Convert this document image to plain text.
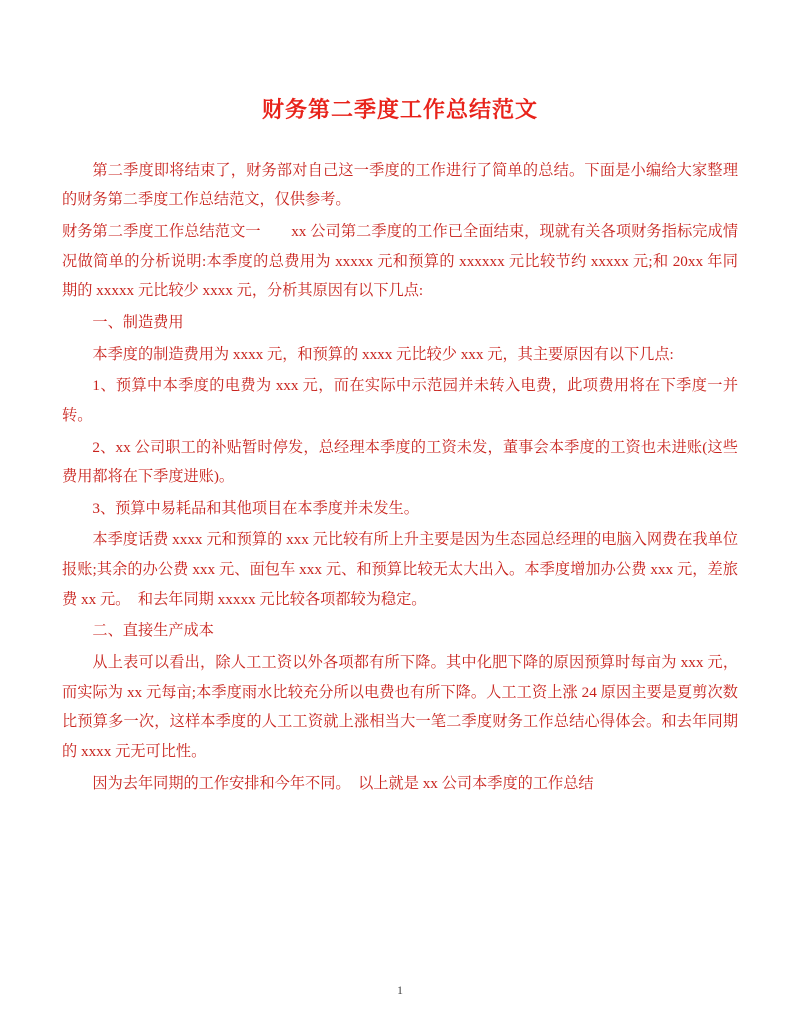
财务第二季度工作总结范文

第二季度即将结束了，财务部对自己这一季度的工作进行了简单的总结。下面是小编给大家整理的财务第二季度工作总结范文，仅供参考。

财务第二季度工作总结范文一　　xx 公司第二季度的工作已全面结束，现就有关各项财务指标完成情况做简单的分析说明:本季度的总费用为 xxxxx 元和预算的 xxxxxx 元比较节约 xxxxx 元;和 20xx 年同期的 xxxxx 元比较少 xxxx 元，分析其原因有以下几点:

一、制造费用

本季度的制造费用为 xxxx 元，和预算的 xxxx 元比较少 xxx 元，其主要原因有以下几点:

1、预算中本季度的电费为 xxx 元，而在实际中示范园并未转入电费，此项费用将在下季度一并转。

2、xx 公司职工的补贴暂时停发，总经理本季度的工资未发，董事会本季度的工资也未进账(这些费用都将在下季度进账)。

3、预算中易耗品和其他项目在本季度并未发生。

本季度话费 xxxx 元和预算的 xxx 元比较有所上升主要是因为生态园总经理的电脑入网费在我单位报账;其余的办公费 xxx 元、面包车 xxx 元、和预算比较无太大出入。本季度增加办公费 xxx 元，差旅费 xx 元。　和去年同期 xxxxx 元比较各项都较为稳定。

二、直接生产成本

从上表可以看出，除人工工资以外各项都有所下降。其中化肥下降的原因预算时每亩为 xxx 元，而实际为 xx 元每亩;本季度雨水比较充分所以电费也有所下降。人工工资上涨 24 原因主要是夏剪次数比预算多一次，这样本季度的人工工资就上涨相当大一笔二季度财务工作总结心得体会。和去年同期的 xxxx 元无可比性。

因为去年同期的工作安排和今年不同。　以上就是 xx 公司本季度的工作总结

1
